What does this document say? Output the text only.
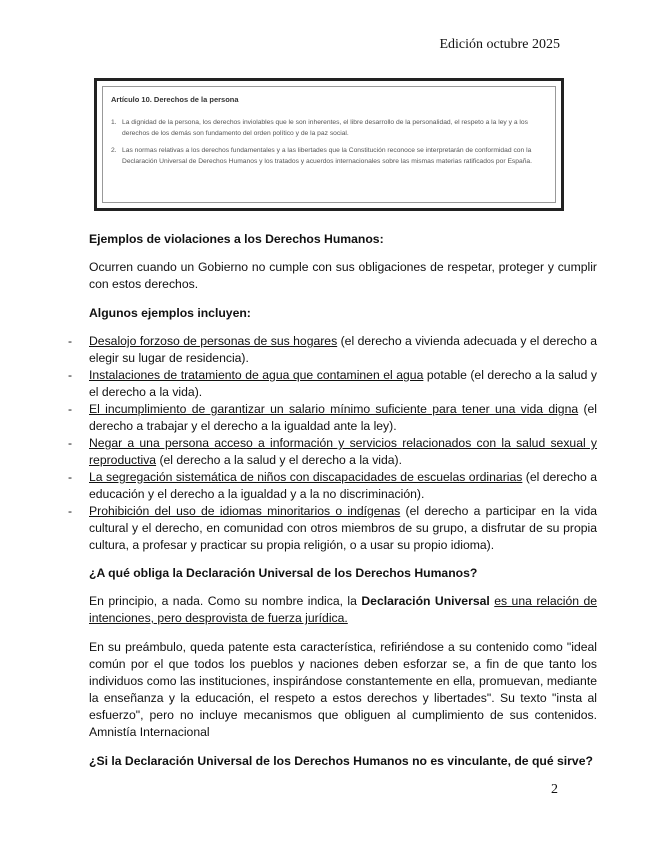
Edición octubre 2025
Artículo 10. Derechos de la persona
1. La dignidad de la persona, los derechos inviolables que le son inherentes, el libre desarrollo de la personalidad, el respeto a la ley y a los derechos de los demás son fundamento del orden político y de la paz social.
2. Las normas relativas a los derechos fundamentales y a las libertades que la Constitución reconoce se interpretarán de conformidad con la Declaración Universal de Derechos Humanos y los tratados y acuerdos internacionales sobre las mismas materias ratificados por España.
Ejemplos de violaciones a los Derechos Humanos:

Ocurren cuando un Gobierno no cumple con sus obligaciones de respetar, proteger y cumplir con estos derechos.

Algunos ejemplos incluyen:
- Desalojo forzoso de personas de sus hogares (el derecho a vivienda adecuada y el derecho a elegir su lugar de residencia).
- Instalaciones de tratamiento de agua que contaminen el agua potable (el derecho a la salud y el derecho a la vida).
- El incumplimiento de garantizar un salario mínimo suficiente para tener una vida digna (el derecho a trabajar y el derecho a la igualdad ante la ley).
- Negar a una persona acceso a información y servicios relacionados con la salud sexual y reproductiva (el derecho a la salud y el derecho a la vida).
- La segregación sistemática de niños con discapacidades de escuelas ordinarias (el derecho a educación y el derecho a la igualdad y a la no discriminación).
- Prohibición del uso de idiomas minoritarios o indígenas (el derecho a participar en la vida cultural y el derecho, en comunidad con otros miembros de su grupo, a disfrutar de su propia cultura, a profesar y practicar su propia religión, o a usar su propio idioma).
¿A qué obliga la Declaración Universal de los Derechos Humanos?

En principio, a nada. Como su nombre indica, la Declaración Universal es una relación de intenciones, pero desprovista de fuerza jurídica.

En su preámbulo, queda patente esta característica, refiriéndose a su contenido como "ideal común por el que todos los pueblos y naciones deben esforzar se, a fin de que tanto los individuos como las instituciones, inspirándose constantemente en ella, promuevan, mediante la enseñanza y la educación, el respeto a estos derechos y libertades". Su texto "insta al esfuerzo", pero no incluye mecanismos que obliguen al cumplimiento de sus contenidos. Amnistía Internacional

¿Si la Declaración Universal de los Derechos Humanos no es vinculante, de qué sirve?
2
